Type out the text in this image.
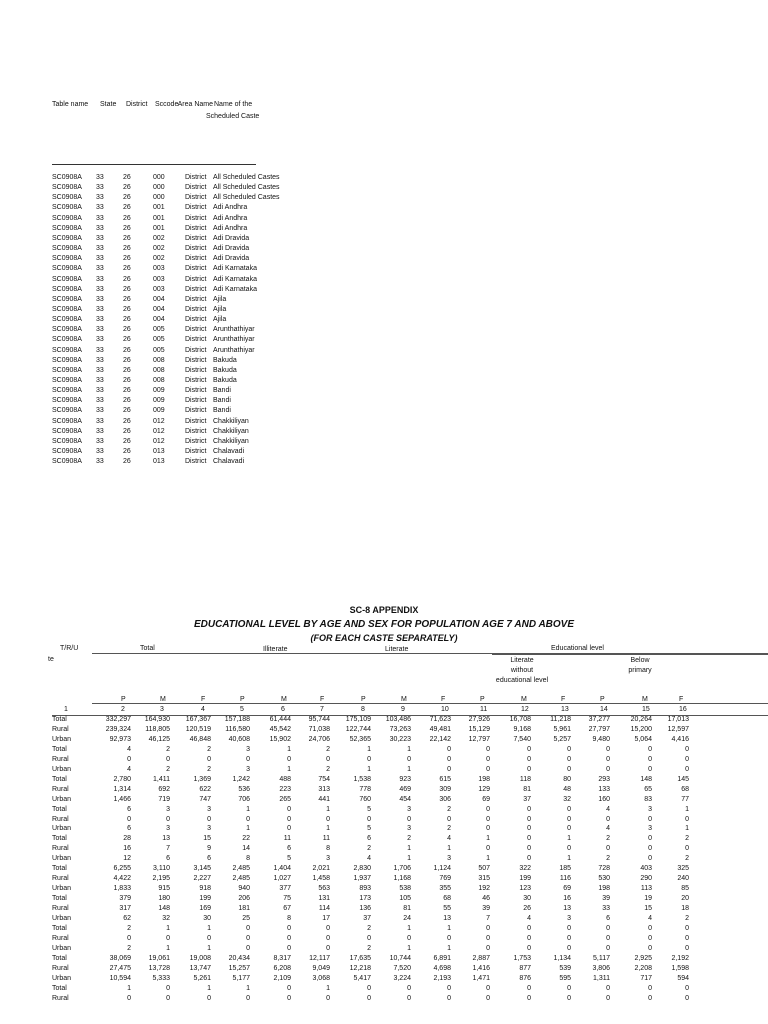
Table name State District Sccode Area Name Name of the
Scheduled Caste
SC0908A	33	26	000	District All Scheduled Castes
SC0908A	33	26	000	District All Scheduled Castes
SC0908A	33	26	000	District All Scheduled Castes
SC0908A	33	26	001	District Adi Andhra
SC0908A	33	26	001	District Adi Andhra
SC0908A	33	26	001	District Adi Andhra
SC0908A	33	26	002	District Adi Dravida
SC0908A	33	26	002	District Adi Dravida
SC0908A	33	26	002	District Adi Dravida
SC0908A	33	26	003	District Adi Karnataka
SC0908A	33	26	003	District Adi Karnataka
SC0908A	33	26	003	District Adi Karnataka
SC0908A	33	26	004	District Ajila
SC0908A	33	26	004	District Ajila
SC0908A	33	26	004	District Ajila
SC0908A	33	26	005	District Arunthathiyar
SC0908A	33	26	005	District Arunthathiyar
SC0908A	33	26	005	District Arunthathiyar
SC0908A	33	26	008	District Bakuda
SC0908A	33	26	008	District Bakuda
SC0908A	33	26	008	District Bakuda
SC0908A	33	26	009	District Bandi
SC0908A	33	26	009	District Bandi
SC0908A	33	26	009	District Bandi
SC0908A	33	26	012	District Chakkiliyan
SC0908A	33	26	012	District Chakkiliyan
SC0908A	33	26	012	District Chakkiliyan
SC0908A	33	26	013	District Chalavadi
SC0908A	33	26	013	District Chalavadi
SC-8 APPENDIX
EDUCATIONAL LEVEL BY AGE AND SEX FOR POPULATION AGE 7 AND ABOVE
(FOR EACH CASTE SEPARATELY)
T/R/U
te
Total	Illiterate	Literate	Educational level
Literate
without
educational level
Below
primary
P	M	F	P	M	F	P	M	F	P	M	F	P	M	F
1	2	3	4	5	6	7	8	9	10	11	12	13	14	15	16
Total	332,297 164,930 167,367 157,188	61,444	95,744 175,109 103,486	71,623	27,926	16,708	11,218	37,277	20,264 17,013
Rural	239,324 118,805 120,519 116,580	45,542	71,038 122,744	73,263	49,481	15,129	9,168	5,961	27,797	15,200 12,597
Urban	92,973	46,125	46,848	40,608	15,902	24,706	52,365	30,223	22,142	12,797	7,540	5,257	9,480	5,064	4,416
Total	4	2	2	3	1	2	1	1	0	0	0	0	0	0	0
Rural	0	0	0	0	0	0	0	0	0	0	0	0	0	0	0
Urban	4	2	2	3	1	2	1	1	0	0	0	0	0	0	0
Total	2,780	1,411	1,369	1,242	488	754	1,538	923	615	198	118	80	293	148	145
Rural	1,314	692	622	536	223	313	778	469	309	129	81	48	133	65	68
Urban	1,466	719	747	706	265	441	760	454	306	69	37	32	160	83	77
Total	6	3	3	1	0	1	5	3	2	0	0	0	4	3	1
Rural	0	0	0	0	0	0	0	0	0	0	0	0	0	0	0
Urban	6	3	3	1	0	1	5	3	2	0	0	0	4	3	1
Total	28	13	15	22	11	11	6	2	4	1	0	1	2	0	2
Rural	16	7	9	14	6	8	2	1	1	0	0	0	0	0	0
Urban	12	6	6	8	5	3	4	1	3	1	0	1	2	0	2
Total	6,255	3,110	3,145	2,485	1,404	2,021	2,830	1,706	1,124	507	322	185	728	403	325
Rural	4,422	2,195	2,227	2,485	1,027	1,458	1,937	1,168	769	315	199	116	530	290	240
Urban	1,833	915	918	940	377	563	893	538	355	192	123	69	198	113	85
Total	379	180	199	206	75	131	173	105	68	46	30	16	39	19	20
Rural	317	148	169	181	67	114	136	81	55	39	26	13	33	15	18
Urban	62	32	30	25	8	17	37	24	13	7	4	3	6	4	2
Total	2	1	1	0	0	0	2	1	1	0	0	0	0	0	0
Rural	0	0	0	0	0	0	0	0	0	0	0	0	0	0	0
Urban	2	1	1	0	0	0	2	1	1	0	0	0	0	0	0
Total	38,069	19,061	19,008	20,434	8,317	12,117	17,635	10,744	6,891	2,887	1,753	1,134	5,117	2,925	2,192
Rural	27,475	13,728	13,747	15,257	6,208	9,049	12,218	7,520	4,698	1,416	877	539	3,806	2,208	1,598
Urban	10,594	5,333	5,261	5,177	2,109	3,068	5,417	3,224	2,193	1,471	876	595	1,311	717	594
Total	1	0	1	1	0	1	0	0	0	0	0	0	0	0	0
Rural	0	0	0	0	0	0	0	0	0	0	0	0	0	0	0
